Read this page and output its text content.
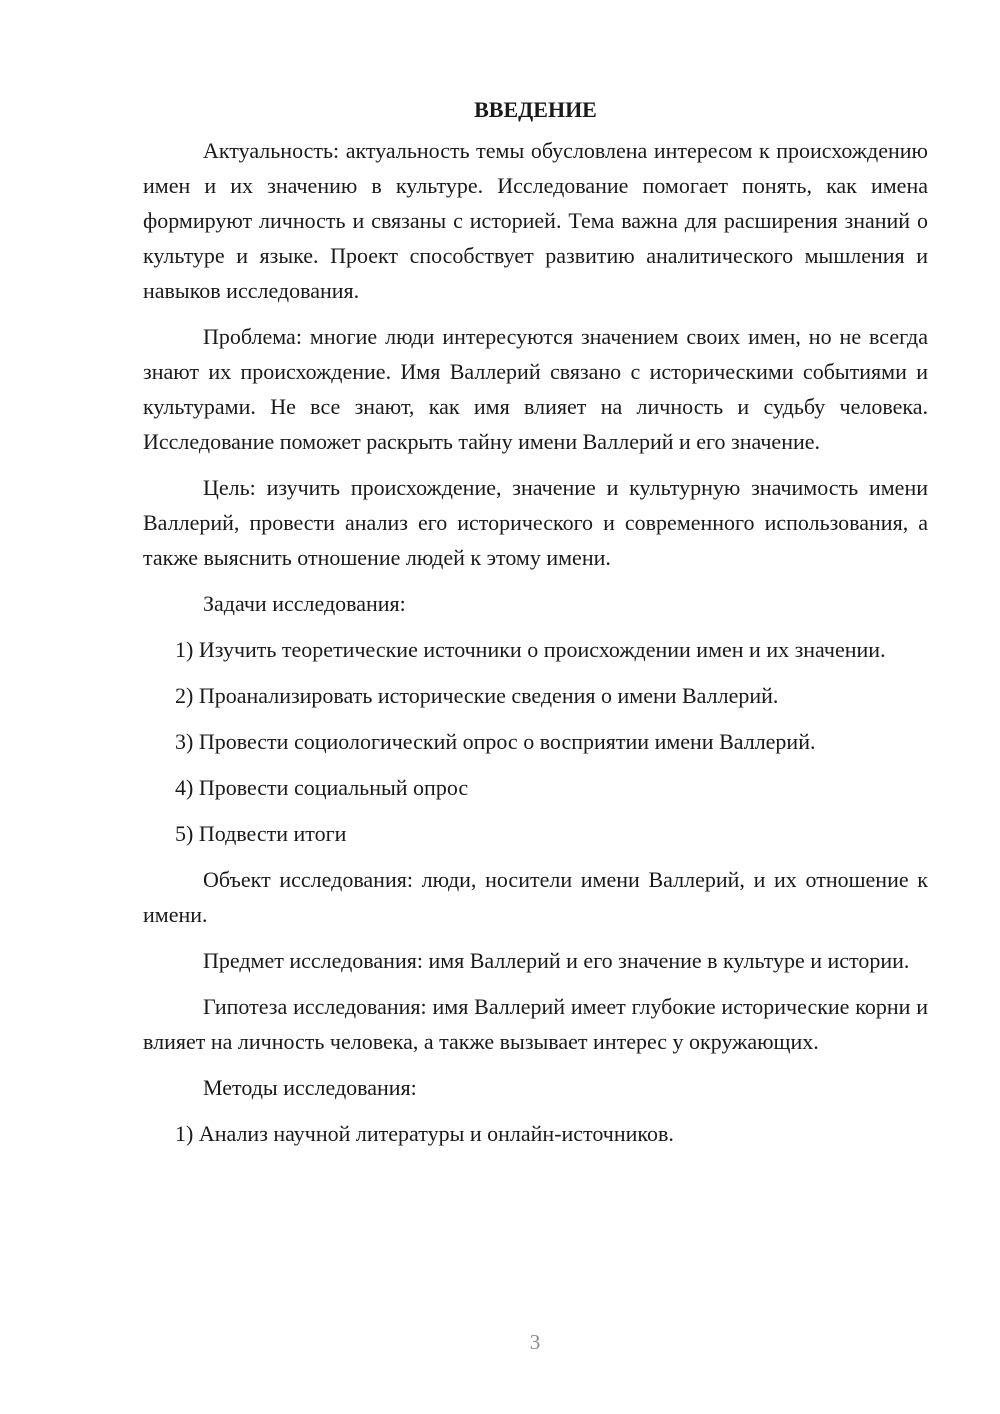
ВВЕДЕНИЕ

Актуальность: актуальность темы обусловлена интересом к происхождению имен и их значению в культуре. Исследование помогает понять, как имена формируют личность и связаны с историей. Тема важна для расширения знаний о культуре и языке. Проект способствует развитию аналитического мышления и навыков исследования.

Проблема: многие люди интересуются значением своих имен, но не всегда знают их происхождение. Имя Валлерий связано с историческими событиями и культурами. Не все знают, как имя влияет на личность и судьбу человека. Исследование поможет раскрыть тайну имени Валлерий и его значение.

Цель: изучить происхождение, значение и культурную значимость имени Валлерий, провести анализ его исторического и современного использования, а также выяснить отношение людей к этому имени.

Задачи исследования:

1) Изучить теоретические источники о происхождении имен и их значении.

2) Проанализировать исторические сведения о имени Валлерий.

3) Провести социологический опрос о восприятии имени Валлерий.

4) Провести социальный опрос

5) Подвести итоги

Объект исследования: люди, носители имени Валлерий, и их отношение к имени.

Предмет исследования: имя Валлерий и его значение в культуре и истории.

Гипотеза исследования: имя Валлерий имеет глубокие исторические корни и влияет на личность человека, а также вызывает интерес у окружающих.

Методы исследования:

1) Анализ научной литературы и онлайн-источников.

3
